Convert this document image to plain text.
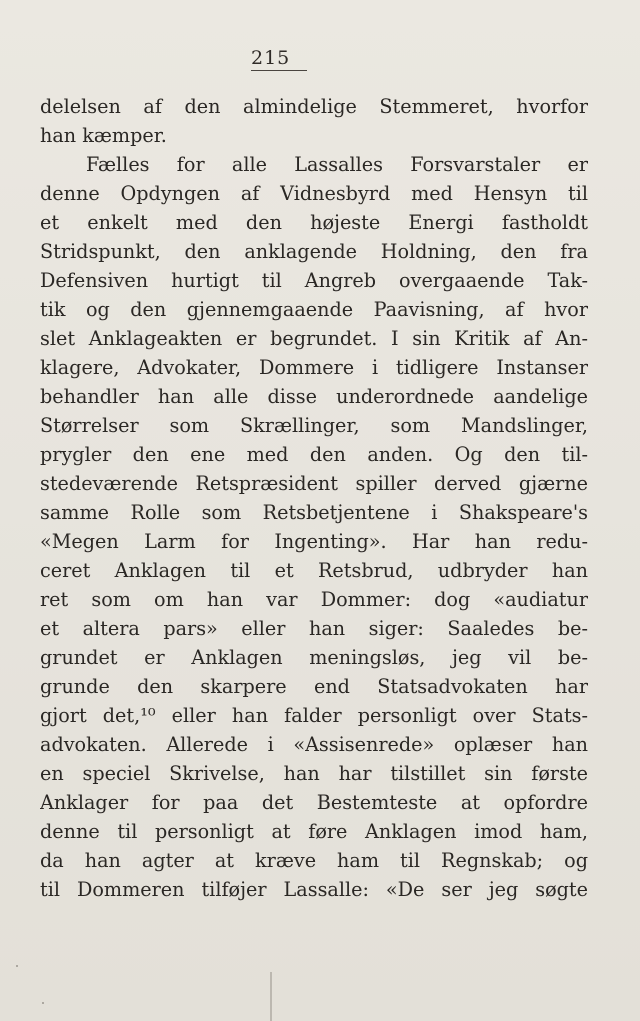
215
delelsen af den almindelige Stemmeret, hvorfor
han kæmper.
Fælles for alle Lassalles Forsvarstaler er
denne Opdyngen af Vidnesbyrd med Hensyn til
et enkelt med den højeste Energi fastholdt
Stridspunkt, den anklagende Holdning, den fra
Defensiven hurtigt til Angreb overgaaende Tak-
tik og den gjennemgaaende Paavisning, af hvor
slet Anklageakten er begrundet. I sin Kritik af An-
klagere, Advokater, Dommere i tidligere Instanser
behandler han alle disse underordnede aandelige
Størrelser som Skrællinger, som Mandslinger,
prygler den ene med den anden. Og den til-
stedeværende Retspræsident spiller derved gjærne
samme Rolle som Retsbetjentene i Shakspeare's
«Megen Larm for Ingenting». Har han redu-
ceret Anklagen til et Retsbrud, udbryder han
ret som om han var Dommer: dog «audiatur
et altera pars» eller han siger: Saaledes be-
grundet er Anklagen meningsløs, jeg vil be-
grunde den skarpere end Statsadvokaten har
gjort det,¹⁰ eller han falder personligt over Stats-
advokaten. Allerede i «Assisenrede» oplæser han
en speciel Skrivelse, han har tilstillet sin første
Anklager for paa det Bestemteste at opfordre
denne til personligt at føre Anklagen imod ham,
da han agter at kræve ham til Regnskab; og
til Dommeren tilføjer Lassalle: «De ser jeg søgte
